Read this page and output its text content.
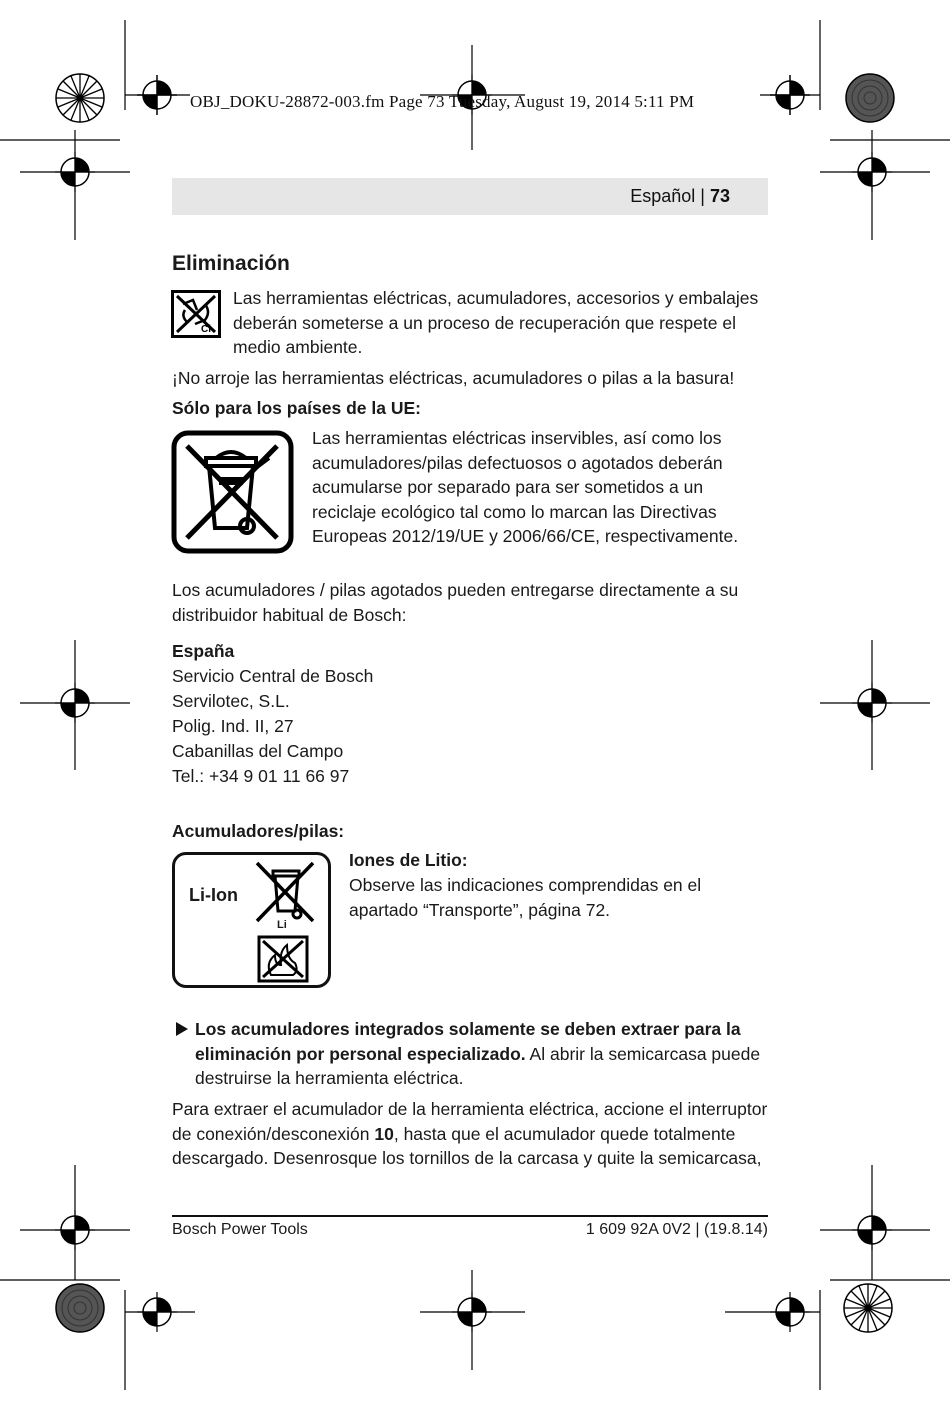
OBJ_DOKU-28872-003.fm Page 73 Tuesday, August 19, 2014 5:11 PM
Español | 73
Eliminación
Cl
Las herramientas eléctricas, acumuladores, accesorios y embalajes deberán someterse a un proceso de recuperación que respete el medio ambiente.
¡No arroje las herramientas eléctricas, acumuladores o pilas a la basura!
Sólo para los países de la UE:
Las herramientas eléctricas inservibles, así como los acumuladores/pilas defectuosos o agotados deberán acumularse por separado para ser sometidos a un reciclaje ecológico tal como lo marcan las Directivas Europeas 2012/19/UE y 2006/66/CE, respectivamente.
Los acumuladores / pilas agotados pueden entregarse directamente a su distribuidor habitual de Bosch:
España
Servicio Central de Bosch
Servilotec, S.L.
Polig. Ind. II, 27
Cabanillas del Campo
Tel.: +34 9 01 11 66 97
Acumuladores/pilas:
Li-Ion
Li
Iones de Litio:
Observe las indicaciones comprendidas en el apartado “Transporte”, página 72.
Los acumuladores integrados solamente se deben extraer para la eliminación por personal especializado. Al abrir la semicarcasa puede destruirse la herramienta eléctrica.
Para extraer el acumulador de la herramienta eléctrica, accione el interruptor de conexión/desconexión 10, hasta que el acumulador quede totalmente descargado. Desenrosque los tornillos de la carcasa y quite la semicarcasa,
Bosch Power Tools	1 609 92A 0V2 | (19.8.14)
